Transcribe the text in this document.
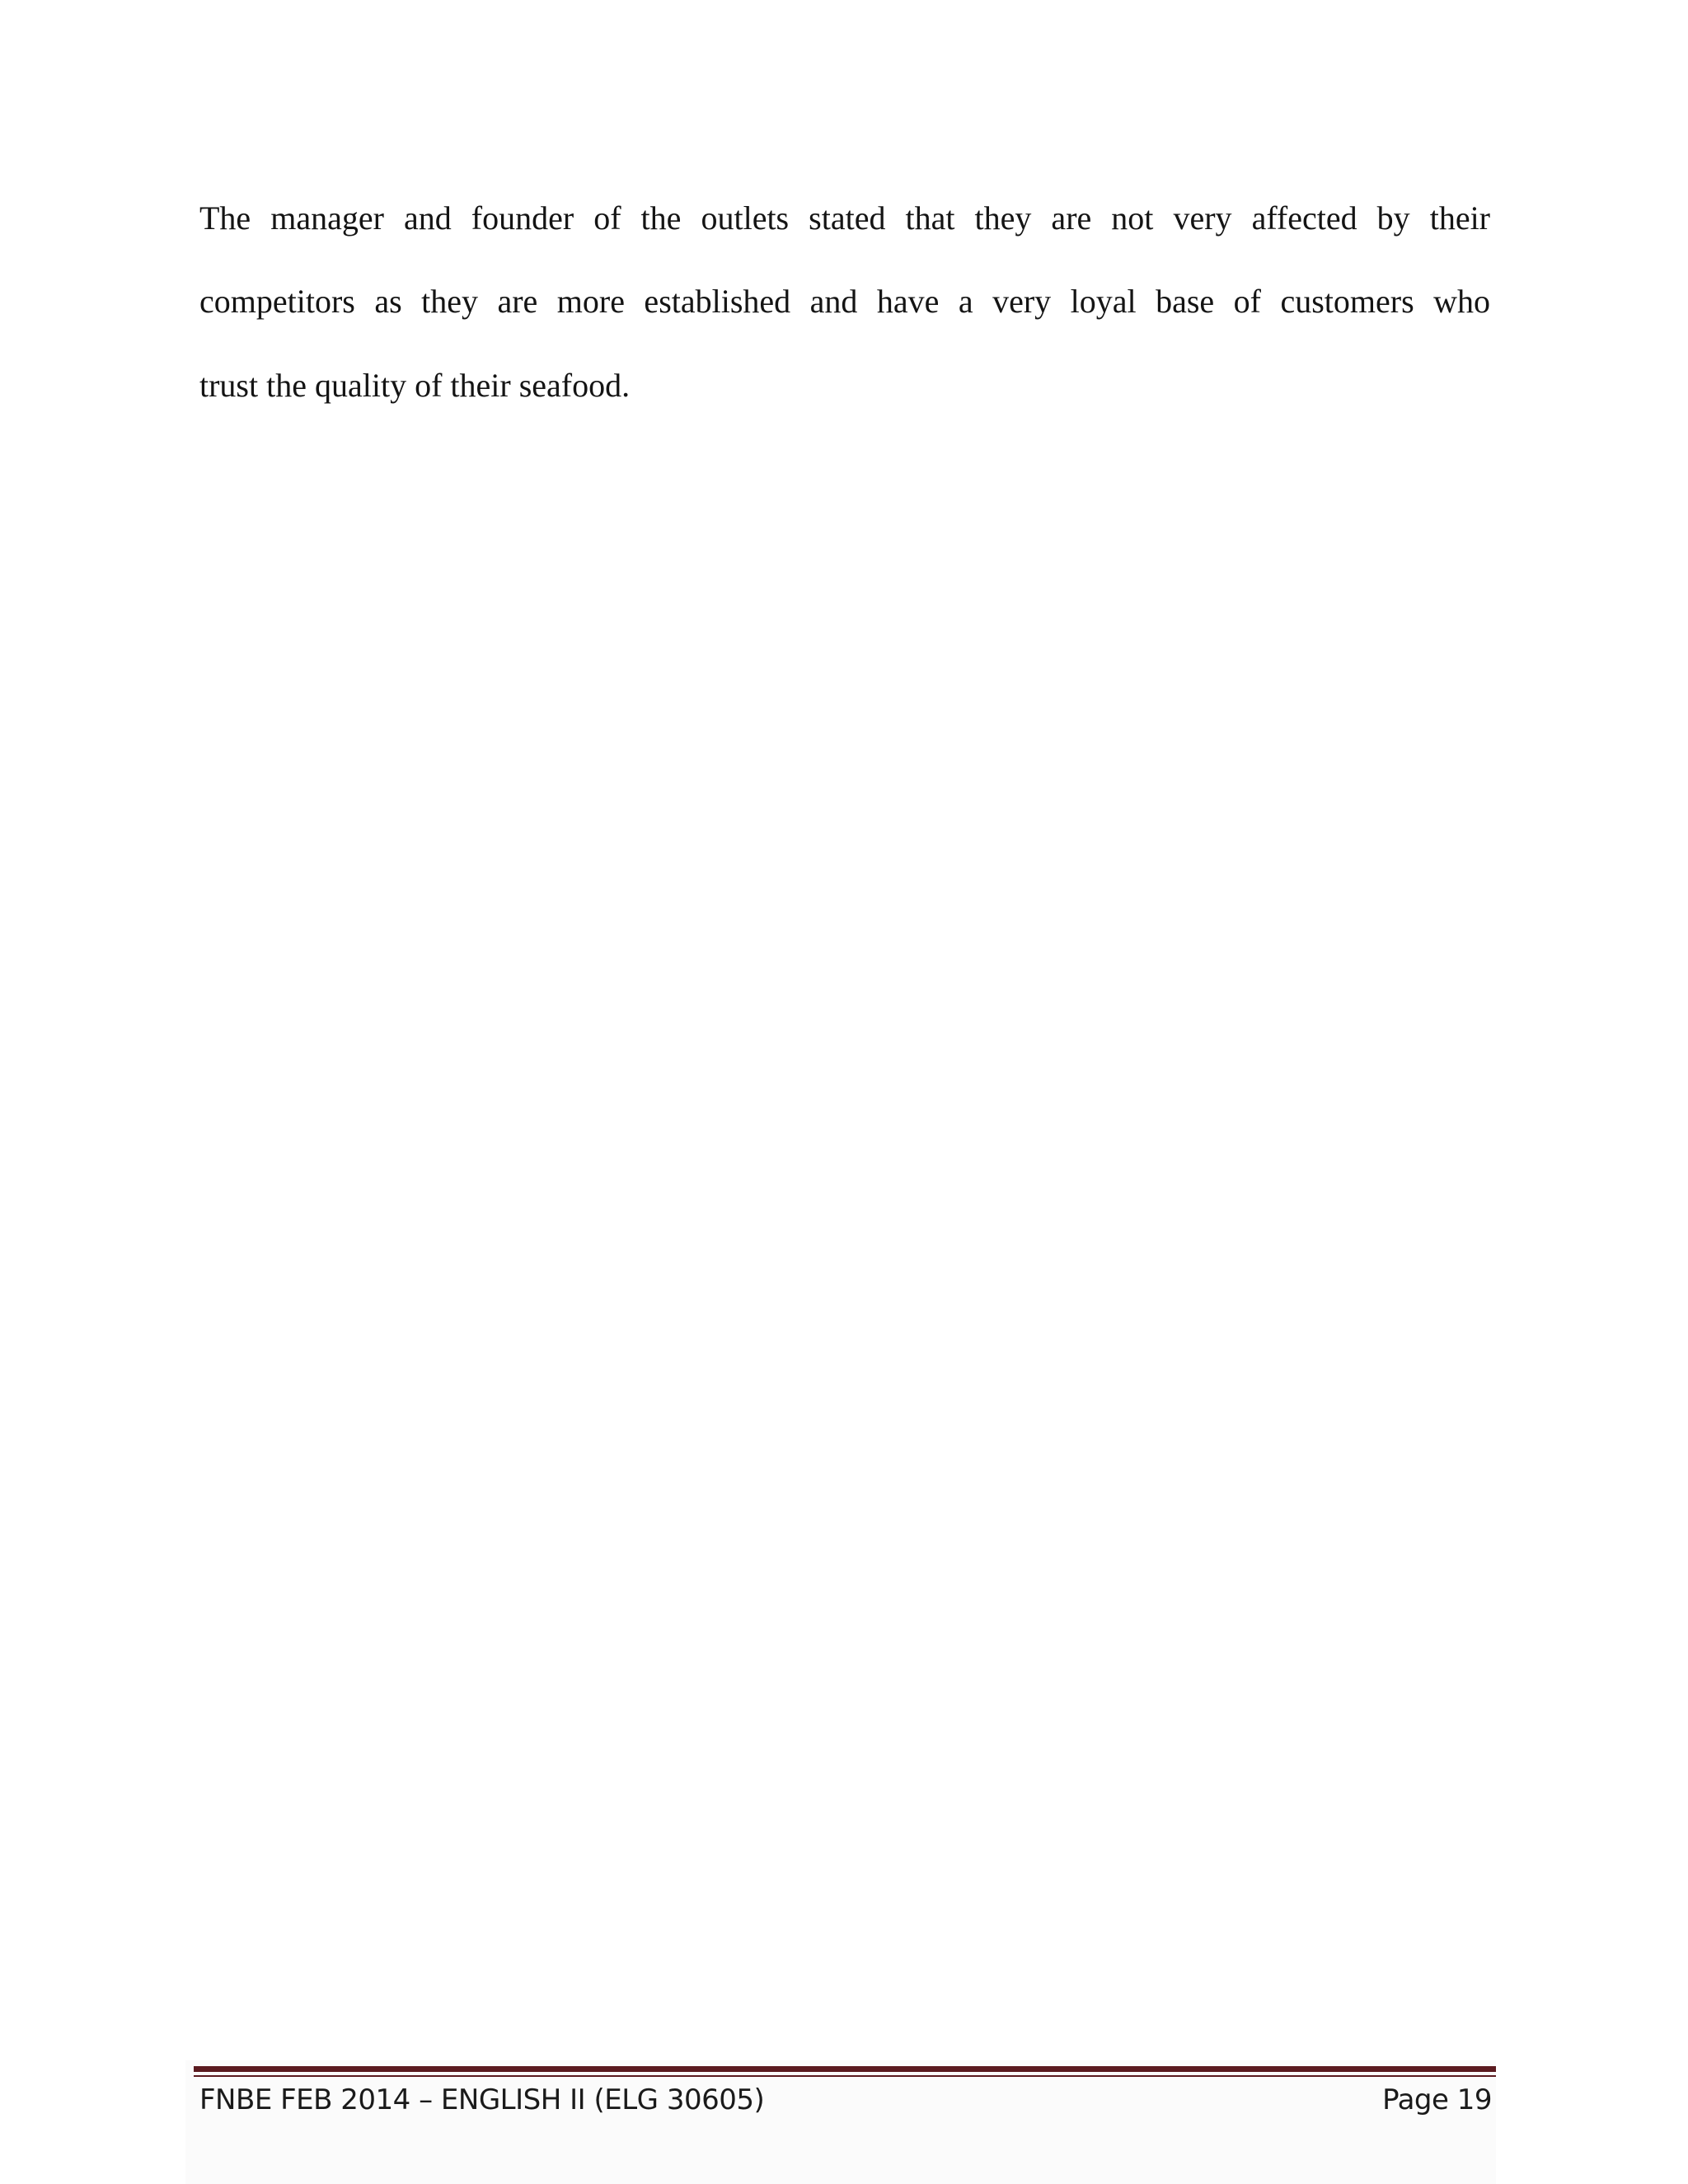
The manager and founder of the outlets stated that they are not very affected by their

competitors as they are more established and have a very loyal base of customers who

trust the quality of their seafood.

FNBE FEB 2014 – ENGLISH II (ELG 30605)	Page 19
